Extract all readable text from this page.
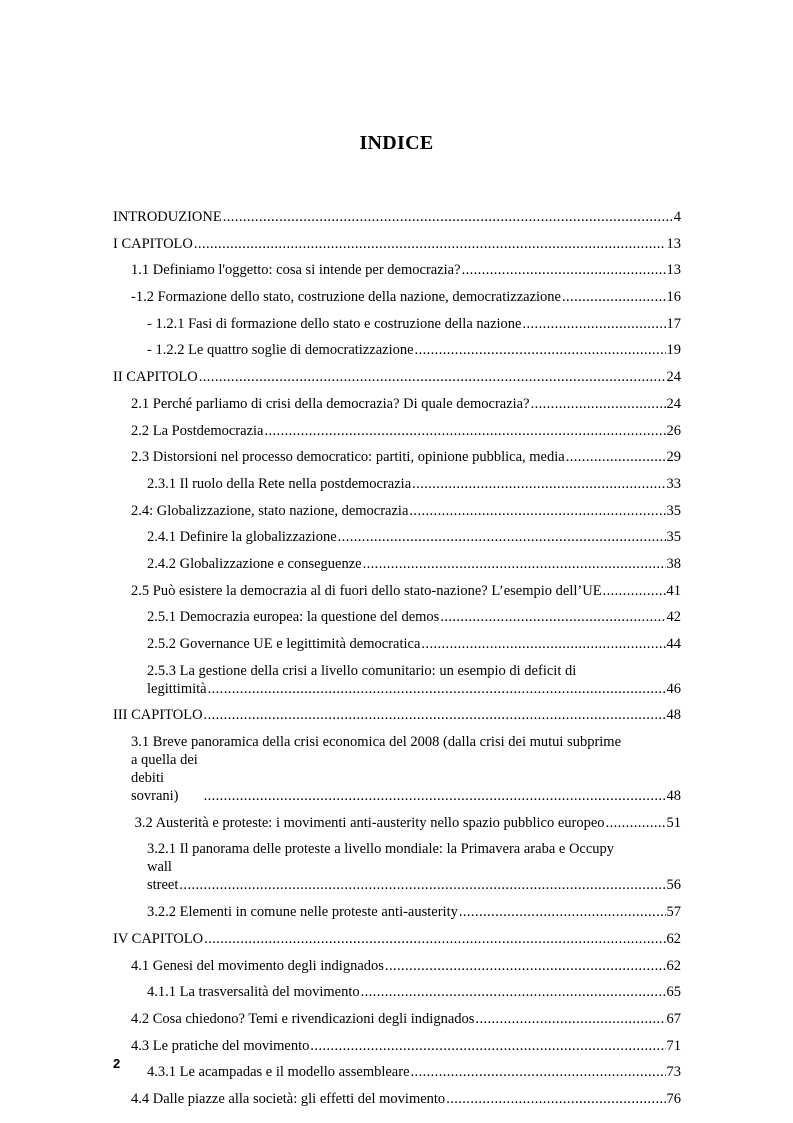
INDICE
INTRODUZIONE .....	4
I CAPITOLO .....	13
1.1 Definiamo l'oggetto: cosa si intende per democrazia? .....	13
-1.2 Formazione dello stato, costruzione della nazione, democratizzazione .....	16
- 1.2.1 Fasi di formazione dello stato e costruzione della nazione .....	17
- 1.2.2 Le quattro soglie di democratizzazione .....	19
II CAPITOLO .....	24
2.1 Perché parliamo di crisi della democrazia? Di quale democrazia? .....	24
2.2 La Postdemocrazia .....	26
2.3 Distorsioni nel processo democratico: partiti, opinione pubblica, media .....	29
2.3.1 Il ruolo della Rete nella postdemocrazia .....	33
2.4: Globalizzazione, stato nazione, democrazia .....	35
2.4.1 Definire la globalizzazione .....	35
2.4.2 Globalizzazione e conseguenze .....	38
2.5 Può esistere la democrazia al di fuori dello stato-nazione? L’esempio dell’UE .....	41
2.5.1 Democrazia europea: la questione del demos .....	42
2.5.2 Governance UE e legittimità democratica .....	44
2.5.3 La gestione della crisi a livello comunitario: un esempio di deficit di
legittimità .....	46
III CAPITOLO .....	48
3.1 Breve panoramica della crisi economica del 2008 (dalla crisi dei mutui subprime
a quella dei debiti sovrani) .....	48
3.2 Austerità e proteste: i movimenti anti-austerity nello spazio pubblico europeo .....	51
3.2.1 Il panorama delle proteste a livello mondiale: la Primavera araba e Occupy
wall street .....	56
3.2.2 Elementi in comune nelle proteste anti-austerity .....	57
IV CAPITOLO .....	62
4.1 Genesi del movimento degli indignados .....	62
4.1.1 La trasversalità del movimento .....	65
4.2 Cosa chiedono? Temi e rivendicazioni degli indignados .....	67
4.3 Le pratiche del movimento .....	71
4.3.1 Le acampadas e il modello assembleare .....	73
4.4 Dalle piazze alla società: gli effetti del movimento .....	76
2
